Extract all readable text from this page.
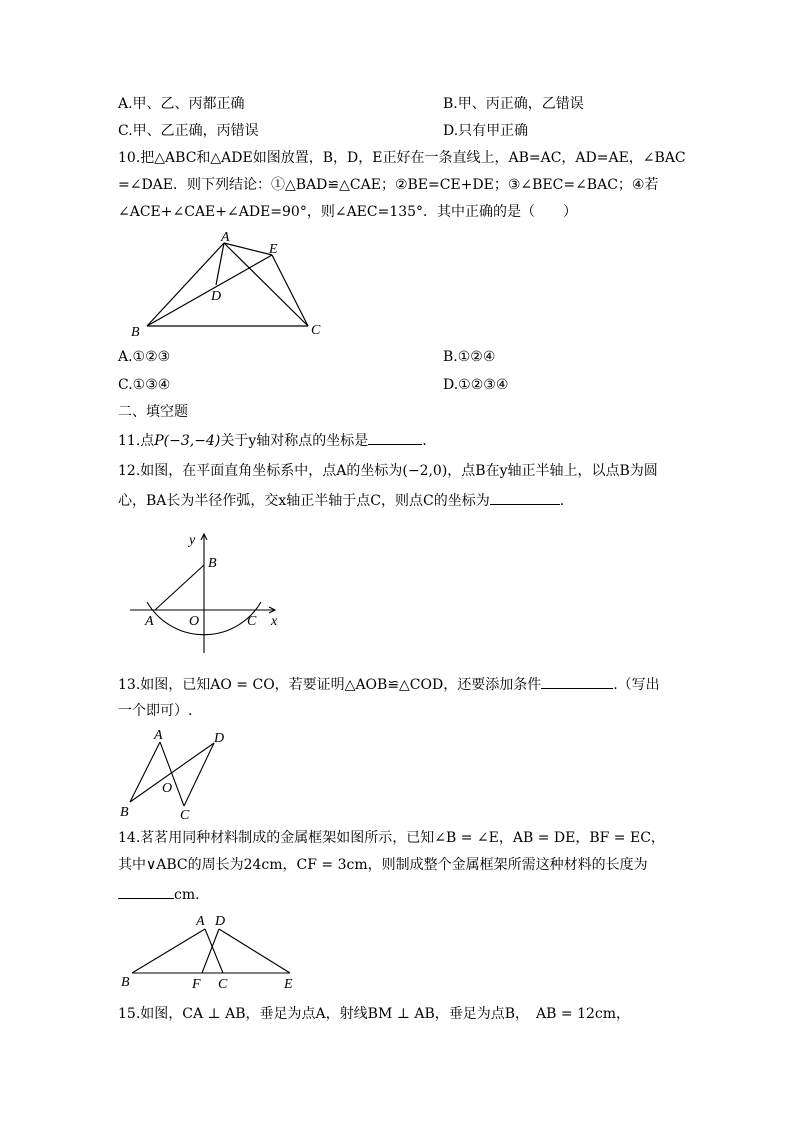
A.甲、乙、丙都正确	B.甲、丙正确，乙错误
C.甲、乙正确，丙错误	D.只有甲正确
10.把△ABC和△ADE如图放置，B，D，E正好在一条直线上，AB=AC，AD=AE，∠BAC
=∠DAE．则下列结论：①△BAD≌△CAE；②BE=CE+DE；③∠BEC=∠BAC；④若
∠ACE+∠CAE+∠ADE=90°，则∠AEC=135°．其中正确的是（　　）
A
E
D
B	C
A.①②③	B.①②④
C.①③④	D.①②③④
二、填空题
11.点P(−3,−4)关于y轴对称点的坐标是	.
12.如图，在平面直角坐标系中，点A的坐标为(−2,0)，点B在y轴正半轴上，以点B为圆
心，BA长为半径作弧，交x轴正半轴于点C，则点C的坐标为	.
y
B
A	O	C x
13.如图，已知AO = CO，若要证明△AOB≌△COD，还要添加条件	.（写出
一个即可）.
A	D
O
B	C
14.茗茗用同种材料制成的金属框架如图所示，已知∠B = ∠E，AB = DE，BF = EC，
其中∨ABC的周长为24cm，CF = 3cm，则制成整个金属框架所需这种材料的长度为
cm.
A D
B	F C	E
15.如图，CA ⊥ AB，垂足为点A，射线BM ⊥ AB，垂足为点B，　AB = 12cm，
